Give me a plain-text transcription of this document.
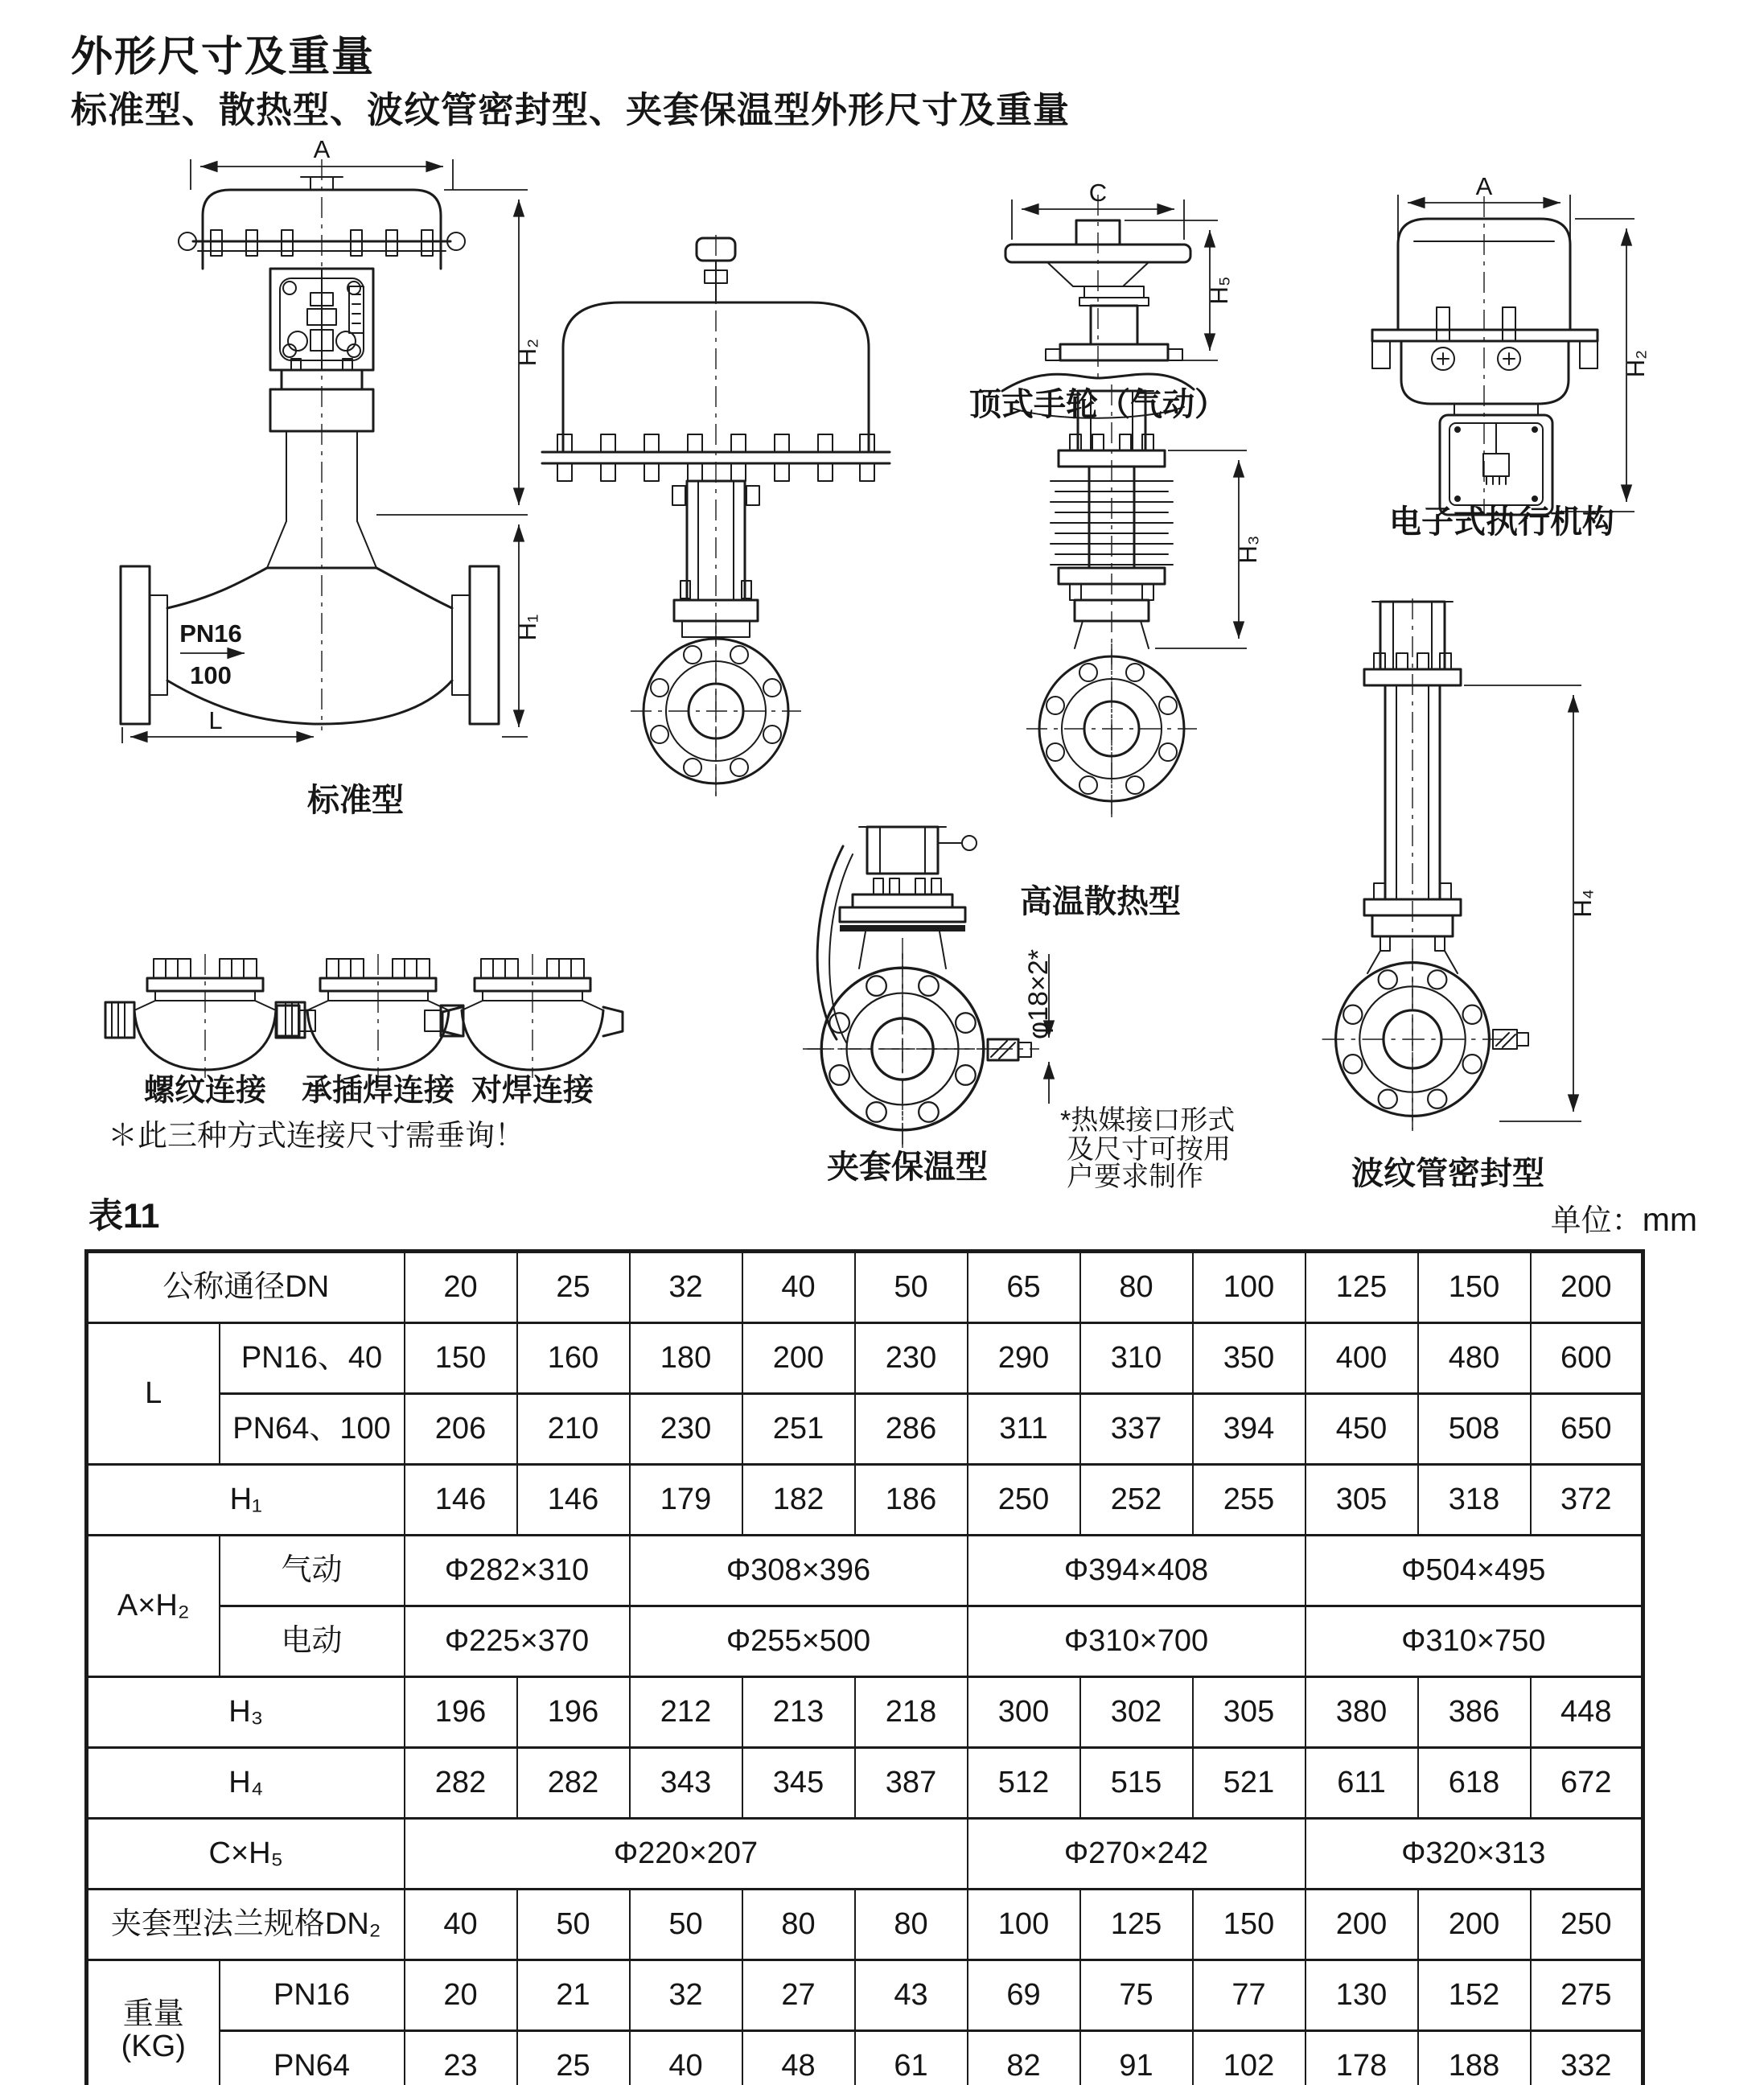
外形尺寸及重量
标准型、散热型、波纹管密封型、夹套保温型外形尺寸及重量
A
PN16
100
L
H₂
H₁
标准型
C
H₅
顶式手轮（气动）
A
H₂
电子式执行机构
H₃
高温散热型	H₄
波纹管密封型
螺纹连接 承插焊连接 对焊连接
＊此三种方式连接尺寸需垂询！
φ18×2*
*热媒接口形式
及尺寸可按用
户要求制作
夹套保温型
表11	单位：mm
公称通径DN		20	25	32	40	50	65	80	100	125	150	200
L	PN16、40	150	160	180	200	230	290	310	350	400	480	600
	PN64、100	206	210	230	251	286	311	337	394	450	508	650
H₁		146	146	179	182	186	250	252	255	305	318	372
A×H₂	气动	Φ282×310		Φ308×396			Φ394×408			Φ504×495		
	电动	Φ225×370		Φ255×500			Φ310×700			Φ310×750		
H₃		196	196	212	213	218	300	302	305	380	386	448
H₄		282	282	343	345	387	512	515	521	611	618	672
C×H₅		Φ220×207					Φ270×242			Φ320×313		
夹套型法兰规格DN₂		40	50	50	80	80	100	125	150	200	200	250

重量
(KG)	PN16	20	21	32	27	43	69	75	77	130	152	275
	PN64	23	25	40	48	61	82	91	102	178	188	332
